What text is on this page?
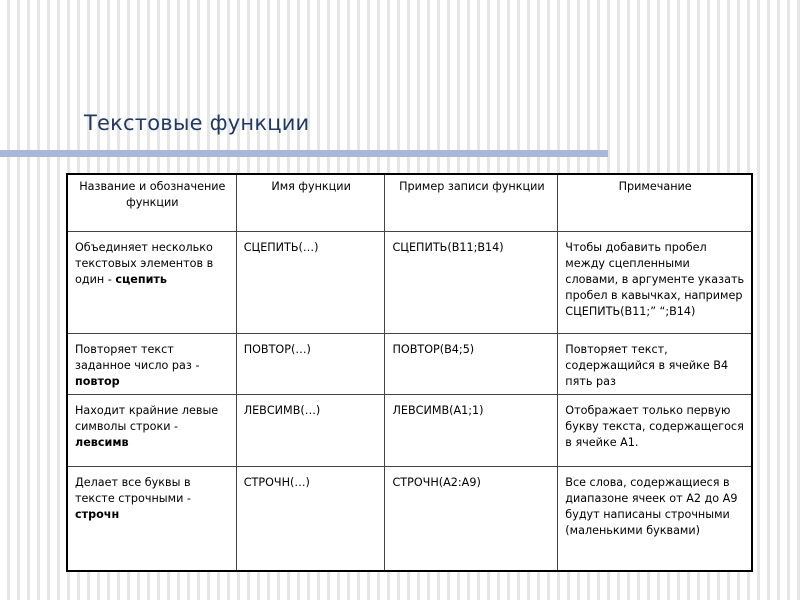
Текстовые функции
Название и обозначение функции	Имя функции	Пример записи функции	Примечание
Объединяет несколько текстовых элементов в один - сцепить	СЦЕПИТЬ(…)	СЦЕПИТЬ(B11;B14)	Чтобы добавить пробел между сцепленными словами, в аргументе указать пробел в кавычках, например СЦЕПИТЬ(B11;” “;B14)
Повторяет текст заданное число раз - повтор	ПОВТОР(…)	ПОВТОР(B4;5)	Повторяет текст, содержащийся в ячейке B4 пять раз
Находит крайние левые символы строки - левсимв	ЛЕВСИМВ(…)	ЛЕВСИМВ(A1;1)	Отображает только первую букву текста, содержащегося в ячейке A1.
Делает все буквы в тексте строчными - строчн	СТРОЧН(…)	СТРОЧН(A2:A9)	Все слова, содержащиеся в диапазоне ячеек от A2 до A9 будут написаны строчными (маленькими буквами)
